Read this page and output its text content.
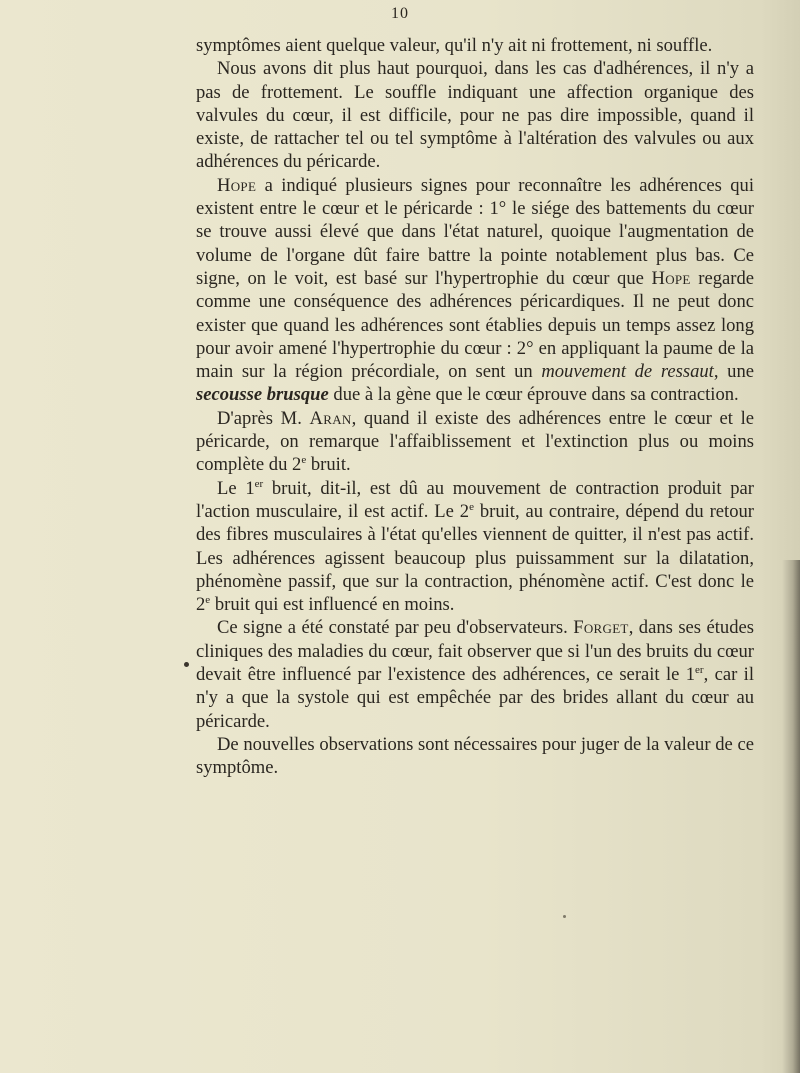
10

symptômes aient quelque valeur, qu'il n'y ait ni frottement, ni souffle.

Nous avons dit plus haut pourquoi, dans les cas d'adhérences, il n'y a pas de frottement. Le souffle indiquant une affection organique des valvules du cœur, il est difficile, pour ne pas dire impossible, quand il existe, de rattacher tel ou tel symptôme à l'altération des valvules ou aux adhérences du péricarde.

Hope a indiqué plusieurs signes pour reconnaître les adhérences qui existent entre le cœur et le péricarde : 1° le siége des battements du cœur se trouve aussi élevé que dans l'état naturel, quoique l'augmentation de volume de l'organe dût faire battre la pointe notablement plus bas. Ce signe, on le voit, est basé sur l'hypertrophie du cœur que Hope regarde comme une conséquence des adhérences péricardiques. Il ne peut donc exister que quand les adhérences sont établies depuis un temps assez long pour avoir amené l'hypertrophie du cœur : 2° en appliquant la paume de la main sur la région précordiale, on sent un mouvement de ressaut, une secousse brusque due à la gène que le cœur éprouve dans sa contraction.

D'après M. Aran, quand il existe des adhérences entre le cœur et le péricarde, on remarque l'affaiblissement et l'extinction plus ou moins complète du 2e bruit.

Le 1er bruit, dit-il, est dû au mouvement de contraction produit par l'action musculaire, il est actif. Le 2e bruit, au contraire, dépend du retour des fibres musculaires à l'état qu'elles viennent de quitter, il n'est pas actif. Les adhérences agissent beaucoup plus puissamment sur la dilatation, phénomène passif, que sur la contraction, phénomène actif. C'est donc le 2e bruit qui est influencé en moins.

Ce signe a été constaté par peu d'observateurs. Forget, dans ses études cliniques des maladies du cœur, fait observer que si l'un des bruits du cœur devait être influencé par l'existence des adhérences, ce serait le 1er, car il n'y a que la systole qui est empêchée par des brides allant du cœur au péricarde.

De nouvelles observations sont nécessaires pour juger de la valeur de ce symptôme.
